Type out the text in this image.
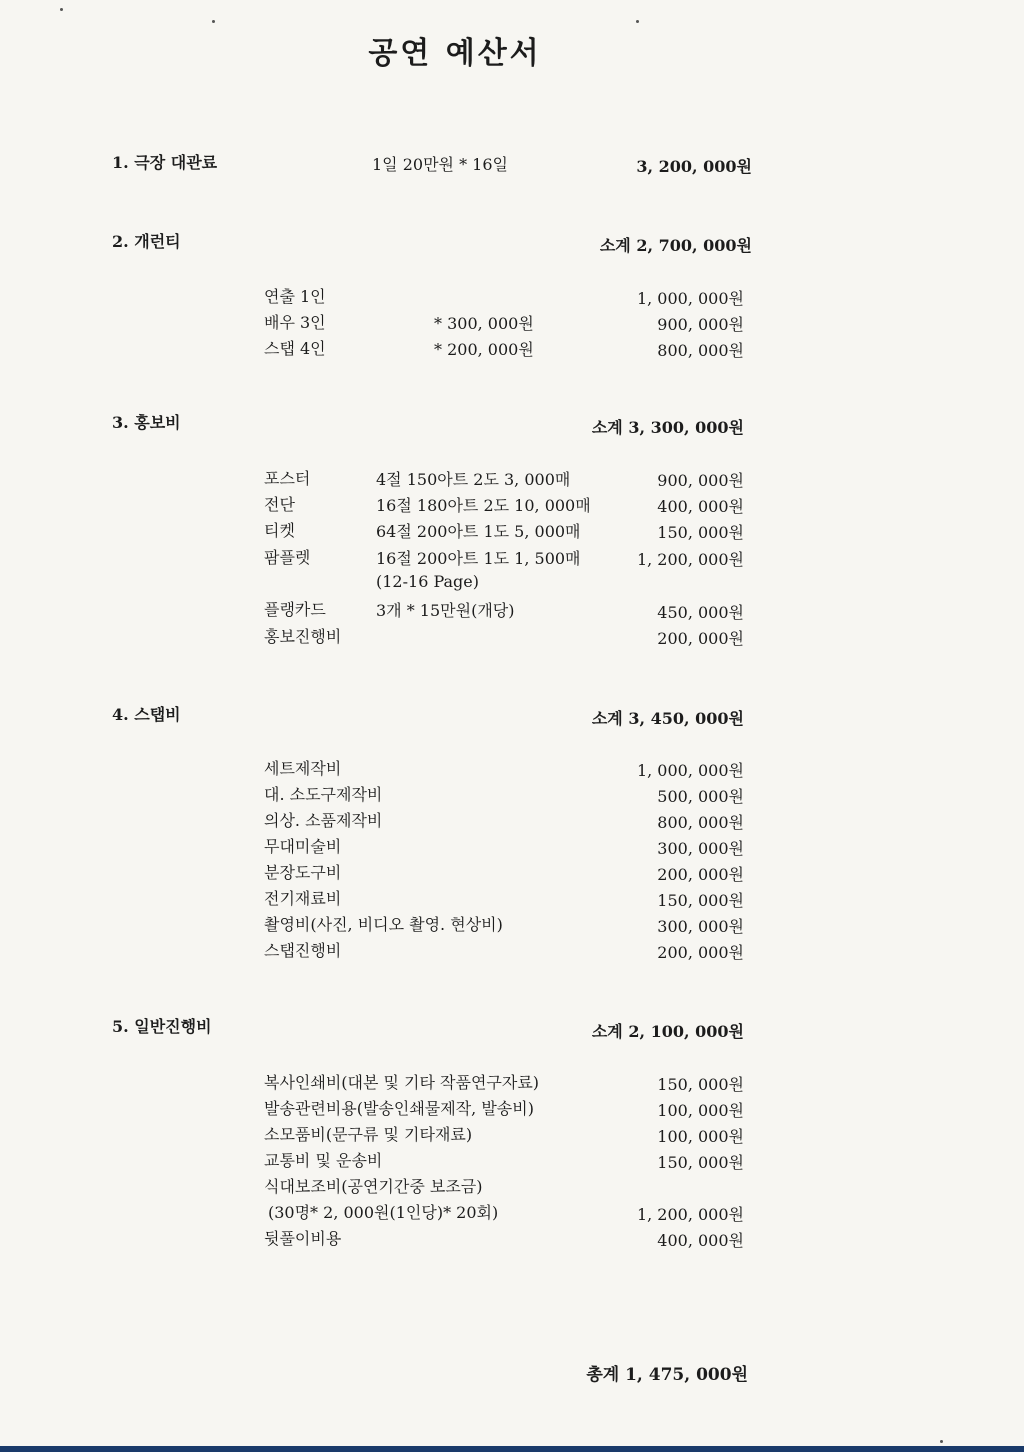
공연 예산서
1. 극장 대관료	1일 20만원 * 16일	3, 200, 000원
2. 개런티	소계 2, 700, 000원
연출 1인	1, 000, 000원
배우 3인	* 300, 000원	900, 000원
스탭 4인	* 200, 000원	800, 000원
3. 홍보비	소계 3, 300, 000원
포스터	4절 150아트 2도 3, 000매	900, 000원
전단	16절 180아트 2도 10, 000매	400, 000원
티켓	64절 200아트 1도 5, 000매	150, 000원
팜플렛	16절 200아트 1도 1, 500매	1, 200, 000원
(12-16 Page)
플랭카드	3개 * 15만원(개당)	450, 000원
홍보진행비	200, 000원
4. 스탭비	소계 3, 450, 000원
세트제작비	1, 000, 000원
대. 소도구제작비	500, 000원
의상. 소품제작비	800, 000원
무대미술비	300, 000원
분장도구비	200, 000원
전기재료비	150, 000원
촬영비(사진, 비디오 촬영. 현상비)	300, 000원
스탭진행비	200, 000원
5. 일반진행비	소계 2, 100, 000원
복사인쇄비(대본 및 기타 작품연구자료)	150, 000원
발송관련비용(발송인쇄물제작, 발송비)	100, 000원
소모품비(문구류 및 기타재료)	100, 000원
교통비 및 운송비	150, 000원
식대보조비(공연기간중 보조금)
(30명* 2, 000원(1인당)* 20회)	1, 200, 000원
뒷풀이비용	400, 000원
총계 1, 475, 000원
